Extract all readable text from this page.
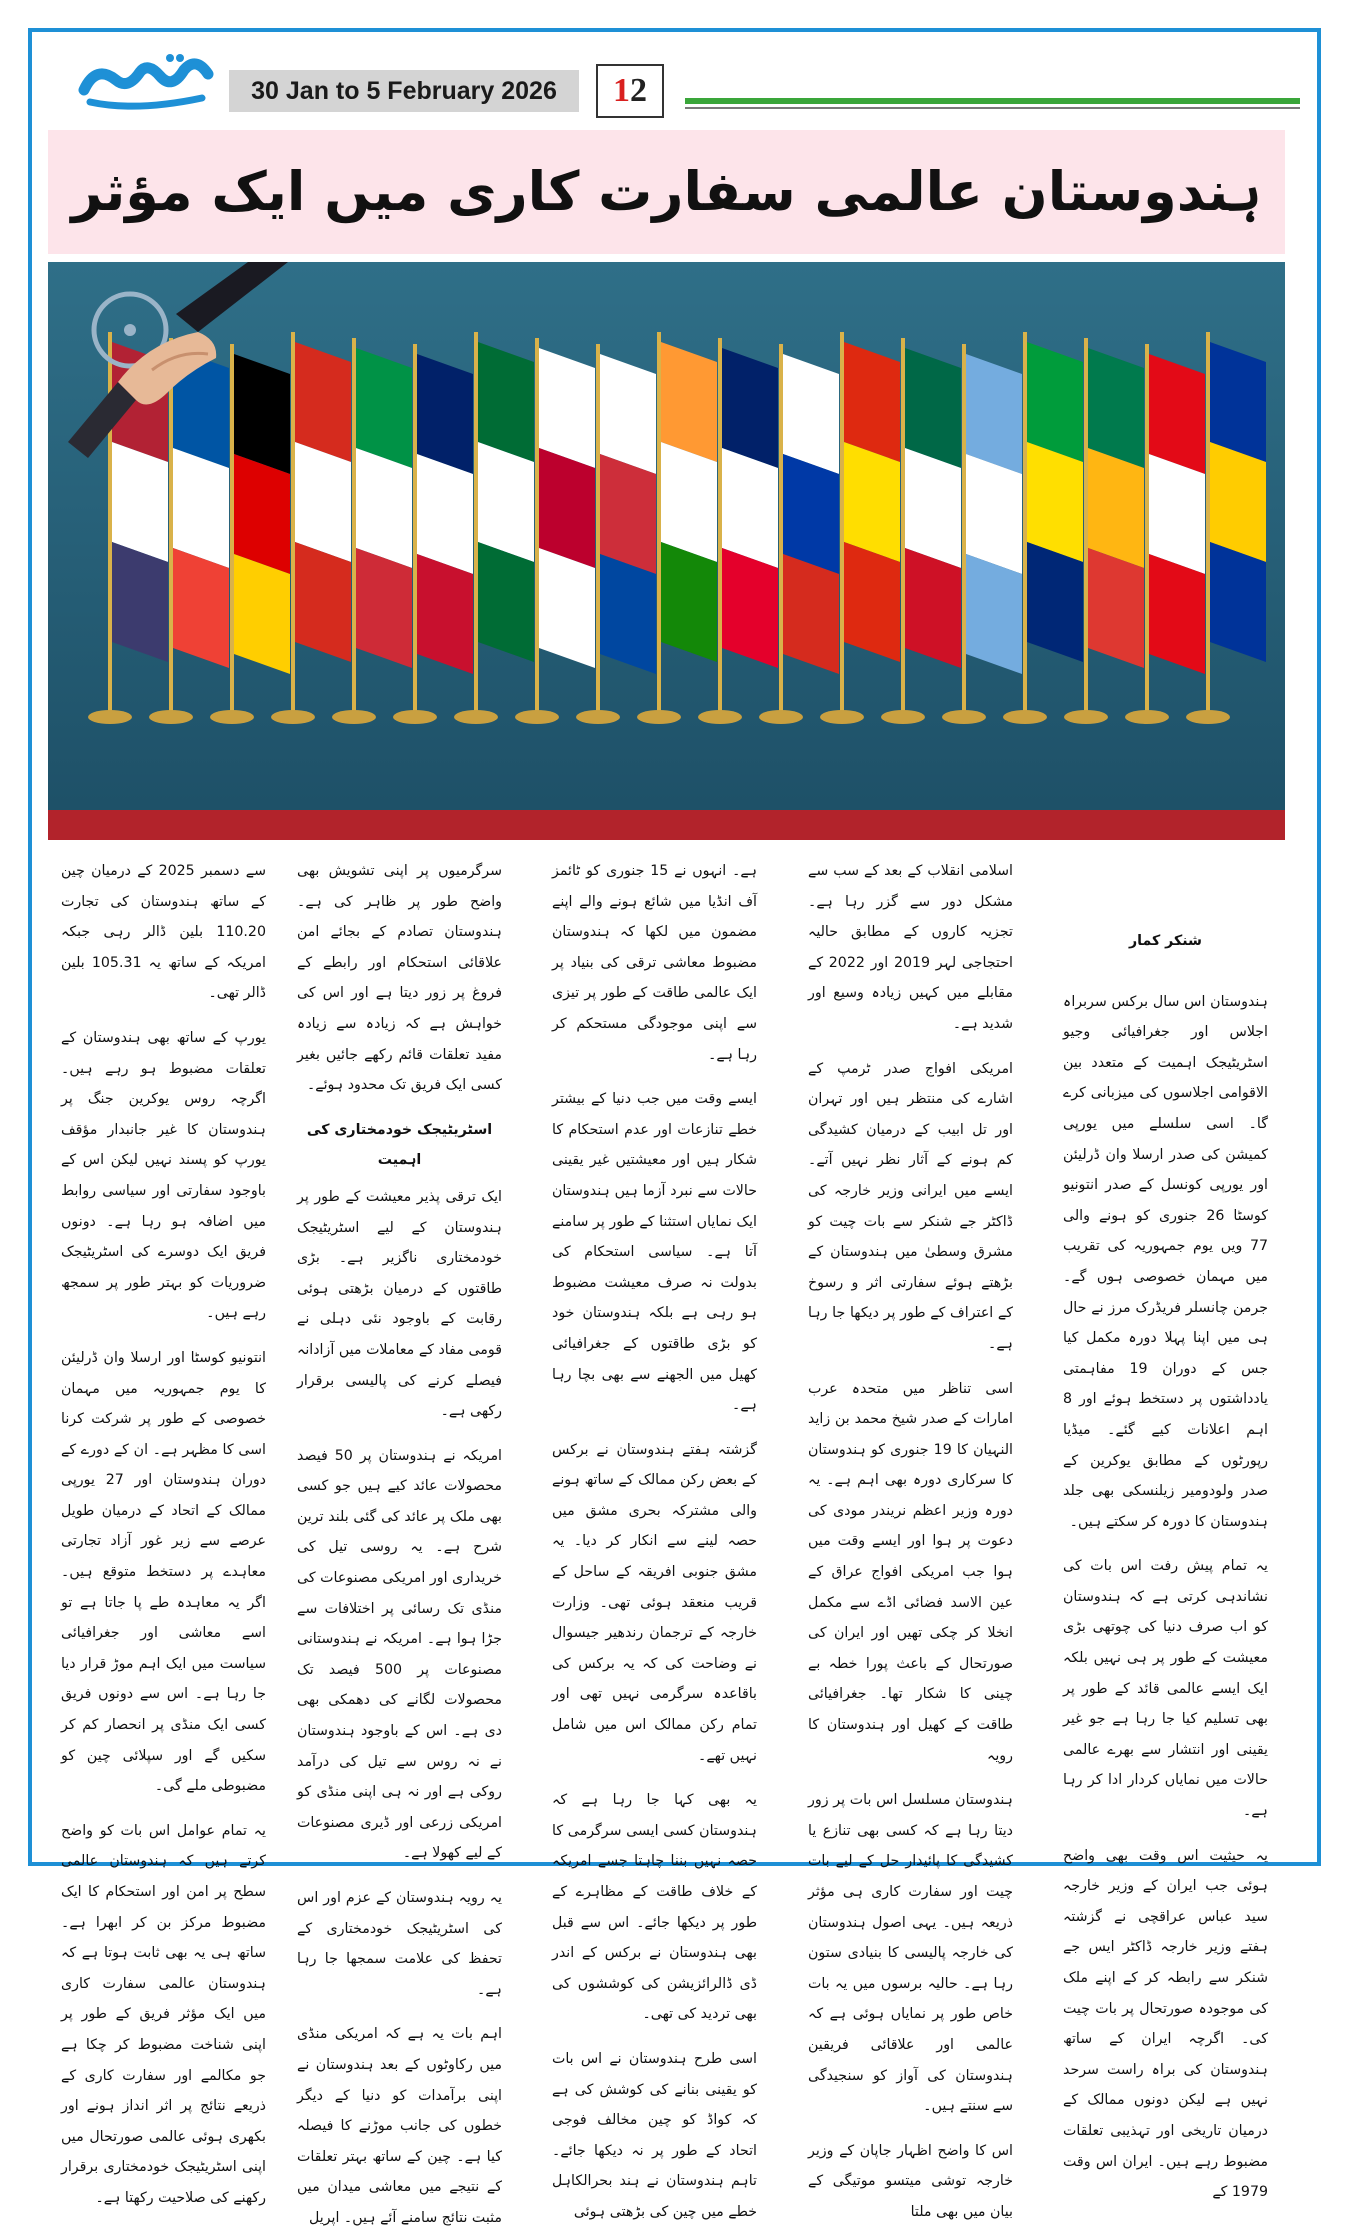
30 Jan to 5 February 2026	12
ہندوستان عالمی سفارت کاری میں ایک مؤثر
شنکر کمار

ہندوستان اس سال برکس سربراہ اجلاس اور جغرافیائی وجیو اسٹریٹیجک اہمیت کے متعدد بین الاقوامی اجلاسوں کی میزبانی کرے گا۔ اسی سلسلے میں یورپی کمیشن کی صدر ارسلا وان ڈرلیئن اور یورپی کونسل کے صدر انتونیو کوسٹا 26 جنوری کو ہونے والی 77 ویں یوم جمہوریہ کی تقریب میں مہمان خصوصی ہوں گے۔ جرمن چانسلر فریڈرک مرز نے حال ہی میں اپنا پہلا دورہ مکمل کیا جس کے دوران 19 مفاہمتی یادداشتوں پر دستخط ہوئے اور 8 اہم اعلانات کیے گئے۔ میڈیا رپورٹوں کے مطابق یوکرین کے صدر ولودومیر زیلنسکی بھی جلد ہندوستان کا دورہ کر سکتے ہیں۔

یہ تمام پیش رفت اس بات کی نشاندہی کرتی ہے کہ ہندوستان کو اب صرف دنیا کی چوتھی بڑی معیشت کے طور پر ہی نہیں بلکہ ایک ایسے عالمی قائد کے طور پر بھی تسلیم کیا جا رہا ہے جو غیر یقینی اور انتشار سے بھرے عالمی حالات میں نمایاں کردار ادا کر رہا ہے۔

یہ حیثیت اس وقت بھی واضح ہوئی جب ایران کے وزیر خارجہ سید عباس عراقچی نے گزشتہ ہفتے وزیر خارجہ ڈاکٹر ایس جے شنکر سے رابطہ کر کے اپنے ملک کی موجودہ صورتحال پر بات چیت کی۔ اگرچہ ایران کے ساتھ ہندوستان کی براہ راست سرحد نہیں ہے لیکن دونوں ممالک کے درمیان تاریخی اور تہذیبی تعلقات مضبوط رہے ہیں۔ ایران اس وقت 1979 کے

اسلامی انقلاب کے بعد کے سب سے مشکل دور سے گزر رہا ہے۔ تجزیہ کاروں کے مطابق حالیہ احتجاجی لہر 2019 اور 2022 کے مقابلے میں کہیں زیادہ وسیع اور شدید ہے۔

امریکی افواج صدر ٹرمپ کے اشارے کی منتظر ہیں اور تہران اور تل ابیب کے درمیان کشیدگی کم ہونے کے آثار نظر نہیں آتے۔ ایسے میں ایرانی وزیر خارجہ کی ڈاکٹر جے شنکر سے بات چیت کو مشرق وسطیٰ میں ہندوستان کے بڑھتے ہوئے سفارتی اثر و رسوخ کے اعتراف کے طور پر دیکھا جا رہا ہے۔

اسی تناظر میں متحدہ عرب امارات کے صدر شیخ محمد بن زاید النہیان کا 19 جنوری کو ہندوستان کا سرکاری دورہ بھی اہم ہے۔ یہ دورہ وزیر اعظم نریندر مودی کی دعوت پر ہوا اور ایسے وقت میں ہوا جب امریکی افواج عراق کے عین الاسد فضائی اڈے سے مکمل انخلا کر چکی تھیں اور ایران کی صورتحال کے باعث پورا خطہ بے چینی کا شکار تھا۔ جغرافیائی طاقت کے کھیل اور ہندوستان کا رویہ

ہندوستان مسلسل اس بات پر زور دیتا رہا ہے کہ کسی بھی تنازع یا کشیدگی کا پائیدار حل کے لیے بات چیت اور سفارت کاری ہی مؤثر ذریعہ ہیں۔ یہی اصول ہندوستان کی خارجہ پالیسی کا بنیادی ستون رہا ہے۔ حالیہ برسوں میں یہ بات خاص طور پر نمایاں ہوئی ہے کہ عالمی اور علاقائی فریقین ہندوستان کی آواز کو سنجیدگی سے سنتے ہیں۔

اس کا واضح اظہار جاپان کے وزیر خارجہ توشی میتسو موتیگی کے بیان میں بھی ملتا

ہے۔ انہوں نے 15 جنوری کو ٹائمز آف انڈیا میں شائع ہونے والے اپنے مضمون میں لکھا کہ ہندوستان مضبوط معاشی ترقی کی بنیاد پر ایک عالمی طاقت کے طور پر تیزی سے اپنی موجودگی مستحکم کر رہا ہے۔

ایسے وقت میں جب دنیا کے بیشتر خطے تنازعات اور عدم استحکام کا شکار ہیں اور معیشتیں غیر یقینی حالات سے نبرد آزما ہیں ہندوستان ایک نمایاں استثنا کے طور پر سامنے آتا ہے۔ سیاسی استحکام کی بدولت نہ صرف معیشت مضبوط ہو رہی ہے بلکہ ہندوستان خود کو بڑی طاقتوں کے جغرافیائی کھیل میں الجھنے سے بھی بچا رہا ہے۔

گزشتہ ہفتے ہندوستان نے برکس کے بعض رکن ممالک کے ساتھ ہونے والی مشترکہ بحری مشق میں حصہ لینے سے انکار کر دیا۔ یہ مشق جنوبی افریقہ کے ساحل کے قریب منعقد ہوئی تھی۔ وزارت خارجہ کے ترجمان رندھیر جیسوال نے وضاحت کی کہ یہ برکس کی باقاعدہ سرگرمی نہیں تھی اور تمام رکن ممالک اس میں شامل نہیں تھے۔

یہ بھی کہا جا رہا ہے کہ ہندوستان کسی ایسی سرگرمی کا حصہ نہیں بننا چاہتا جسے امریکہ کے خلاف طاقت کے مظاہرے کے طور پر دیکھا جائے۔ اس سے قبل بھی ہندوستان نے برکس کے اندر ڈی ڈالرائزیشن کی کوششوں کی بھی تردید کی تھی۔

اسی طرح ہندوستان نے اس بات کو یقینی بنانے کی کوشش کی ہے کہ کواڈ کو چین مخالف فوجی اتحاد کے طور پر نہ دیکھا جائے۔ تاہم ہندوستان نے ہند بحرالکاہل خطے میں چین کی بڑھتی ہوئی

سرگرمیوں پر اپنی تشویش بھی واضح طور پر ظاہر کی ہے۔ ہندوستان تصادم کے بجائے امن علاقائی استحکام اور رابطے کے فروغ پر زور دیتا ہے اور اس کی خواہش ہے کہ زیادہ سے زیادہ مفید تعلقات قائم رکھے جائیں بغیر کسی ایک فریق تک محدود ہوئے۔

اسٹریٹیجک خودمختاری کی اہمیت

ایک ترقی پذیر معیشت کے طور پر ہندوستان کے لیے اسٹریٹیجک خودمختاری ناگزیر ہے۔ بڑی طاقتوں کے درمیان بڑھتی ہوئی رقابت کے باوجود نئی دہلی نے قومی مفاد کے معاملات میں آزادانہ فیصلے کرنے کی پالیسی برقرار رکھی ہے۔

امریکہ نے ہندوستان پر 50 فیصد محصولات عائد کیے ہیں جو کسی بھی ملک پر عائد کی گئی بلند ترین شرح ہے۔ یہ روسی تیل کی خریداری اور امریکی مصنوعات کی منڈی تک رسائی پر اختلافات سے جڑا ہوا ہے۔ امریکہ نے ہندوستانی مصنوعات پر 500 فیصد تک محصولات لگانے کی دھمکی بھی دی ہے۔ اس کے باوجود ہندوستان نے نہ روس سے تیل کی درآمد روکی ہے اور نہ ہی اپنی منڈی کو امریکی زرعی اور ڈیری مصنوعات کے لیے کھولا ہے۔

یہ رویہ ہندوستان کے عزم اور اس کی اسٹریٹیجک خودمختاری کے تحفظ کی علامت سمجھا جا رہا ہے۔

اہم بات یہ ہے کہ امریکی منڈی میں رکاوٹوں کے بعد ہندوستان نے اپنی برآمدات کو دنیا کے دیگر خطوں کی جانب موڑنے کا فیصلہ کیا ہے۔ چین کے ساتھ بہتر تعلقات کے نتیجے میں معاشی میدان میں مثبت نتائج سامنے آئے ہیں۔ اپریل

سے دسمبر 2025 کے درمیان چین کے ساتھ ہندوستان کی تجارت 110.20 بلین ڈالر رہی جبکہ امریکہ کے ساتھ یہ 105.31 بلین ڈالر تھی۔

یورپ کے ساتھ بھی ہندوستان کے تعلقات مضبوط ہو رہے ہیں۔ اگرچہ روس یوکرین جنگ پر ہندوستان کا غیر جانبدار مؤقف یورپ کو پسند نہیں لیکن اس کے باوجود سفارتی اور سیاسی روابط میں اضافہ ہو رہا ہے۔ دونوں فریق ایک دوسرے کی اسٹریٹیجک ضروریات کو بہتر طور پر سمجھ رہے ہیں۔

انتونیو کوسٹا اور ارسلا وان ڈرلیئن کا یوم جمہوریہ میں مہمان خصوصی کے طور پر شرکت کرنا اسی کا مظہر ہے۔ ان کے دورے کے دوران ہندوستان اور 27 یورپی ممالک کے اتحاد کے درمیان طویل عرصے سے زیر غور آزاد تجارتی معاہدے پر دستخط متوقع ہیں۔ اگر یہ معاہدہ طے پا جاتا ہے تو اسے معاشی اور جغرافیائی سیاست میں ایک اہم موڑ قرار دیا جا رہا ہے۔ اس سے دونوں فریق کسی ایک منڈی پر انحصار کم کر سکیں گے اور سپلائی چین کو مضبوطی ملے گی۔

یہ تمام عوامل اس بات کو واضح کرتے ہیں کہ ہندوستان عالمی سطح پر امن اور استحکام کا ایک مضبوط مرکز بن کر ابھرا ہے۔ ساتھ ہی یہ بھی ثابت ہوتا ہے کہ ہندوستان عالمی سفارت کاری میں ایک مؤثر فریق کے طور پر اپنی شناخت مضبوط کر چکا ہے جو مکالمے اور سفارت کاری کے ذریعے نتائج پر اثر انداز ہونے اور بکھری ہوئی عالمی صورتحال میں اپنی اسٹریٹیجک خودمختاری برقرار رکھنے کی صلاحیت رکھتا ہے۔
